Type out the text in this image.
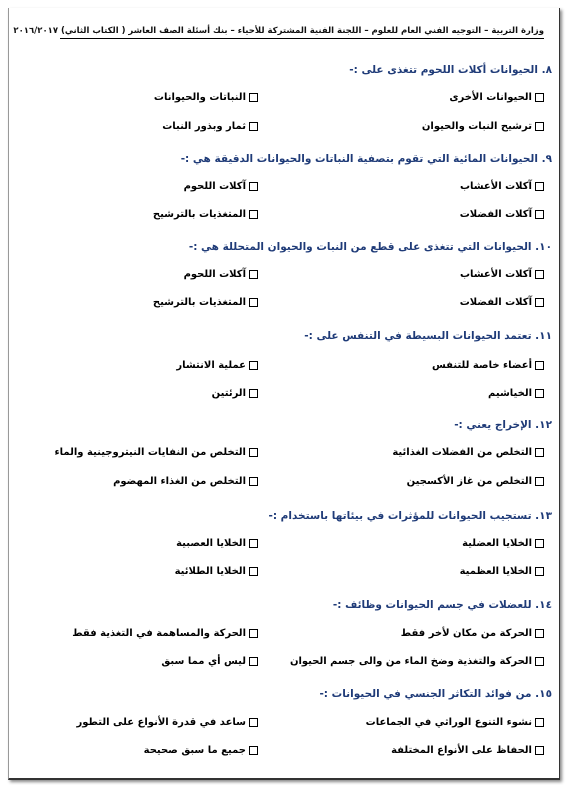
وزارة التربية – التوجيه الفني العام للعلوم – اللجنة الفنية المشتركة للأحياء – بنك أسئلة الصف العاشر ( الكتاب الثاني) ٢٠١٦/٢٠١٧
٨. الحيوانات أكلات اللحوم تتغذى على :-
الحيوانات الأخرى
النباتات والحيوانات
ترشيح النبات والحيوان
ثمار وبذور النبات
٩. الحيوانات المائية التي تقوم بتصفية النباتات والحيوانات الدقيقة هي :-
آكلات الأعشاب
آكلات اللحوم
آكلات الفضلات
المتغذيات بالترشيح
١٠. الحيوانات التي تتغذى على قطع من النبات والحيوان المتحللة هي :-
آكلات الأعشاب
آكلات اللحوم
آكلات الفضلات
المتغذيات بالترشيح
١١. تعتمد الحيوانات البسيطة في التنفس على :-
أعضاء خاصة للتنفس
عملية الانتشار
الخياشيم
الرئتين
١٢. الإخراج يعني :-
التخلص من الفضلات الغذائية
التخلص من النفايات النيتروجينية والماء
التخلص من غاز الأكسجين
التخلص من الغذاء المهضوم
١٣. تستجيب الحيوانات للمؤثرات في بيئاتها باستخدام :-
الخلايا العضلية
الخلايا العصبية
الخلايا العظمية
الخلايا الطلائية
١٤. للعضلات في جسم الحيوانات وظائف :-
الحركة من مكان لأخر فقط
الحركة والمساهمة في التغذية فقط
الحركة والتغذية وضخ الماء من والى جسم الحيوان
ليس أي مما سبق
١٥. من فوائد التكاثر الجنسي في الحيوانات :-
نشوء التنوع الوراثي في الجماعات
ساعد في قدرة الأنواع على التطور
الحفاظ على الأنواع المختلفة
جميع ما سبق صحيحة
